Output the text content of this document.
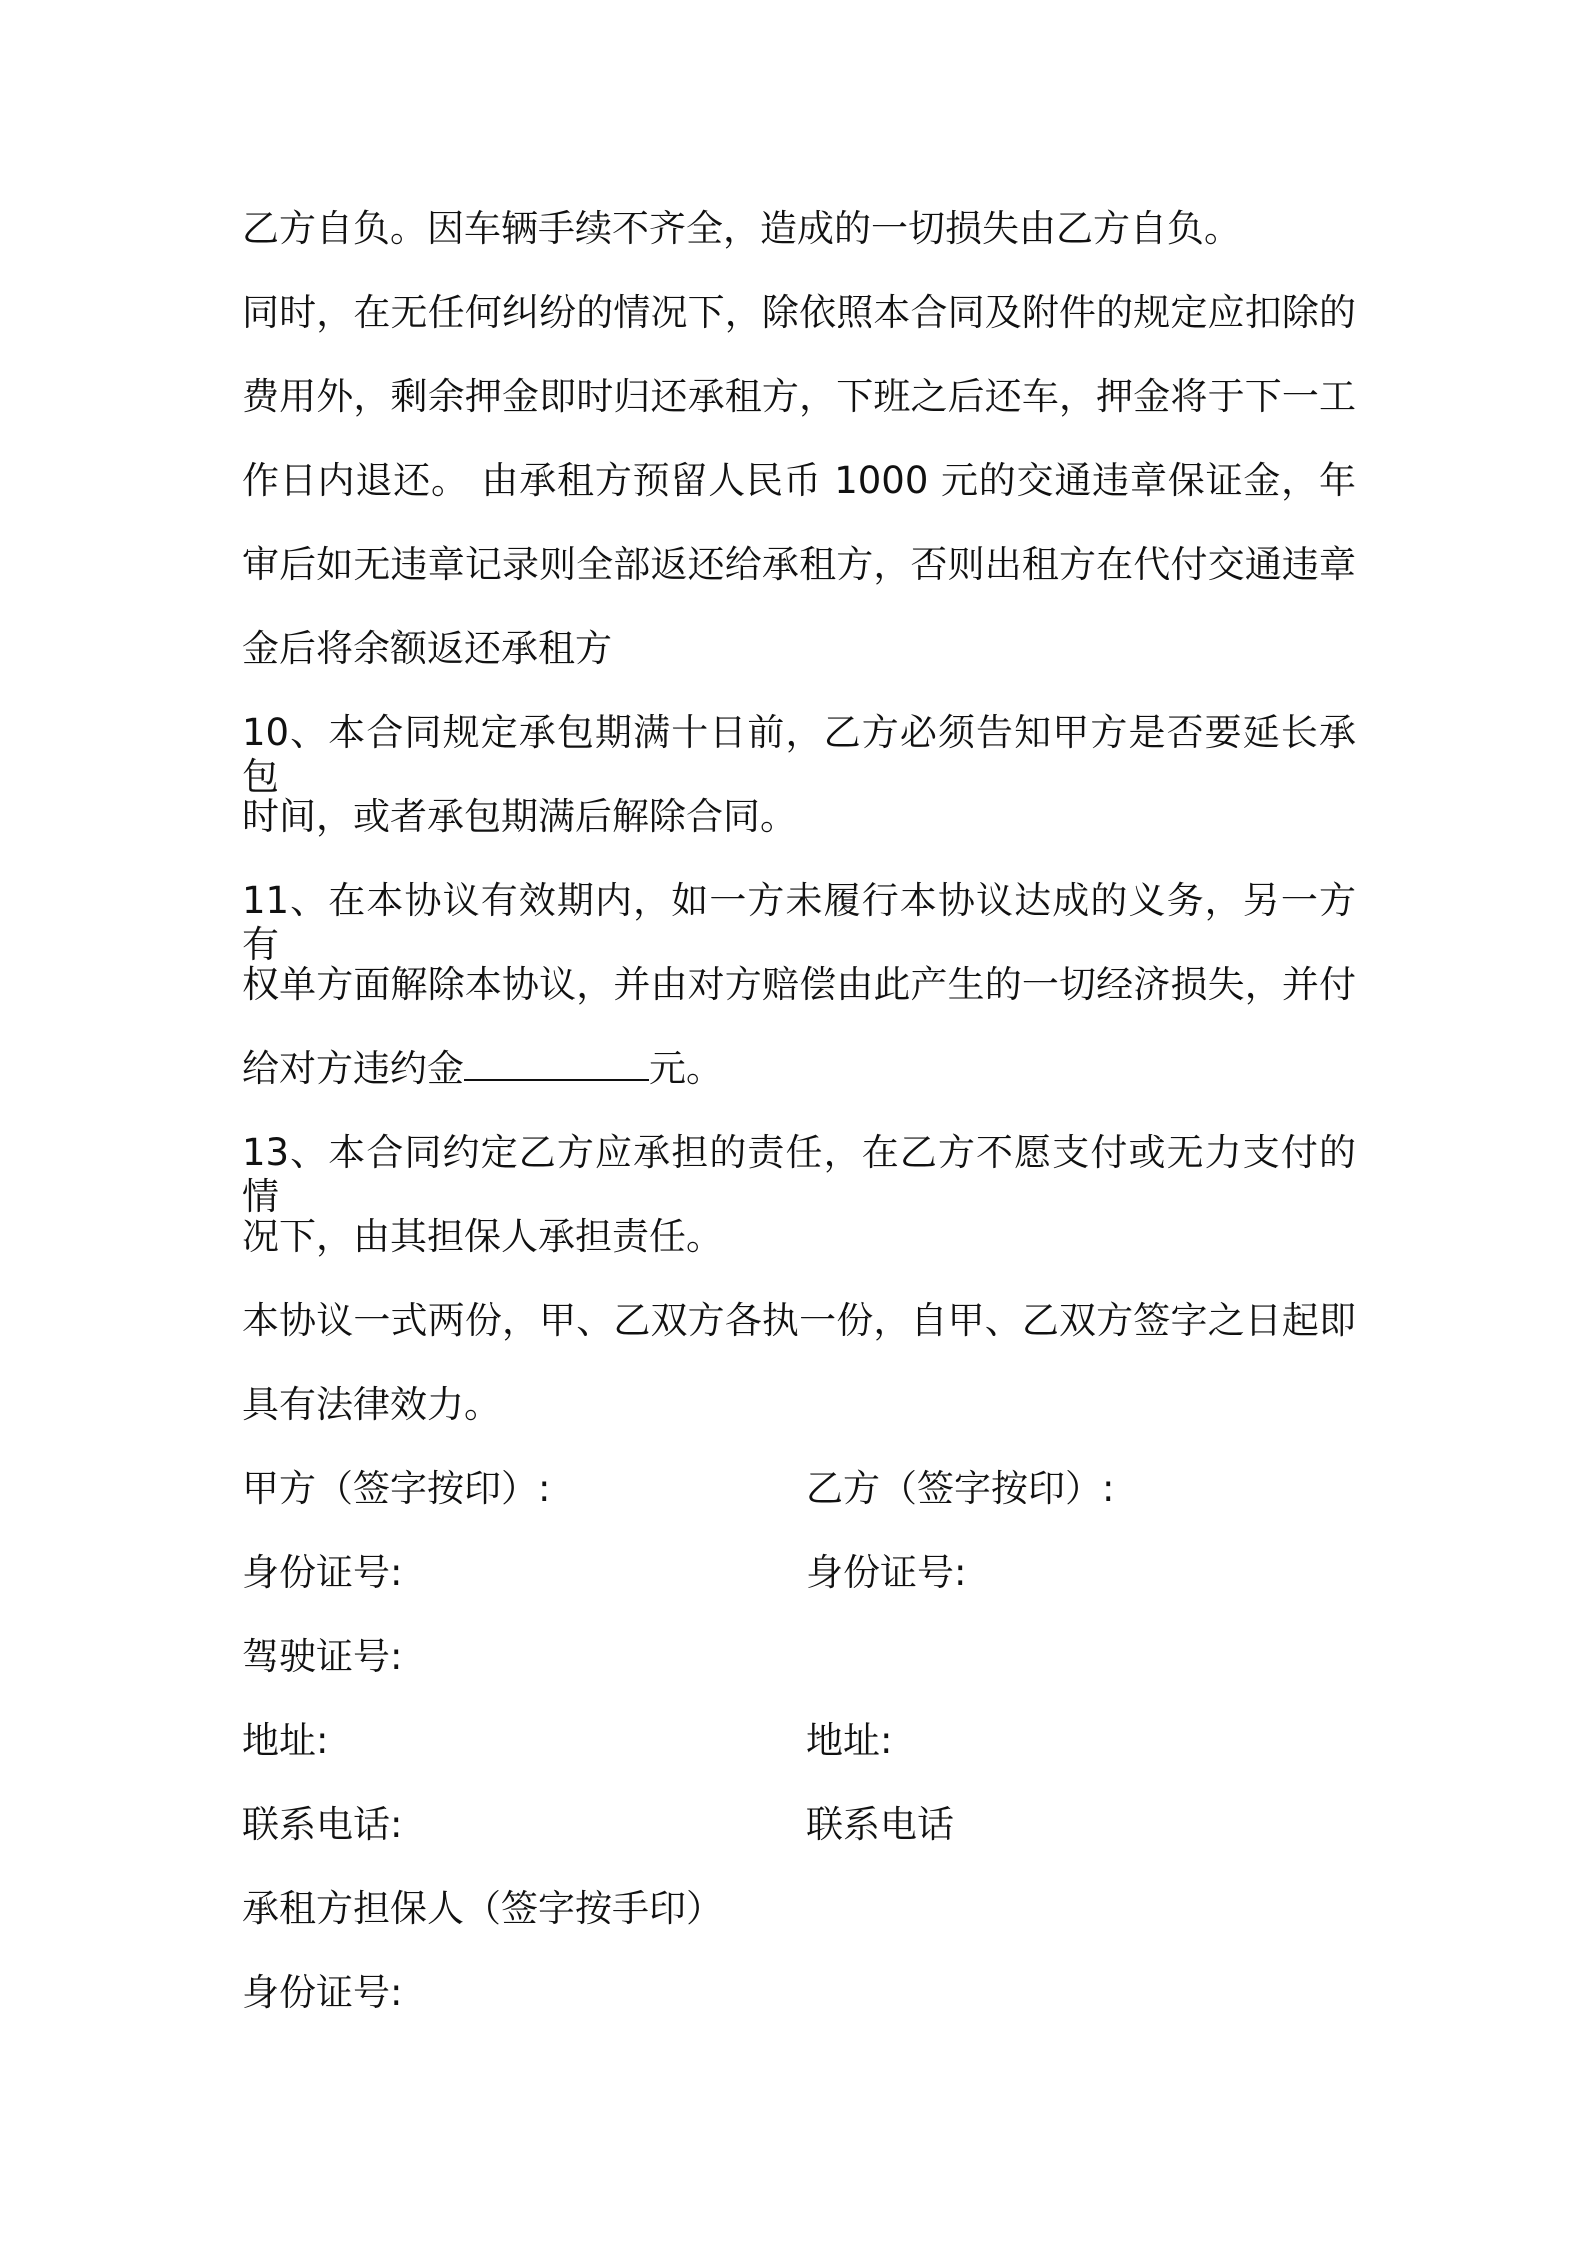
乙方自负。因车辆手续不齐全，造成的一切损失由乙方自负。
同时，在无任何纠纷的情况下，除依照本合同及附件的规定应扣除的
费用外，剩余押金即时归还承租方，下班之后还车，押金将于下一工
作日内退还。 由承租方预留人民币 1000 元的交通违章保证金，年
审后如无违章记录则全部返还给承租方，否则出租方在代付交通违章
金后将余额返还承租方
10、本合同规定承包期满十日前，乙方必须告知甲方是否要延长承包
时间，或者承包期满后解除合同。
11、在本协议有效期内，如一方未履行本协议达成的义务，另一方有
权单方面解除本协议，并由对方赔偿由此产生的一切经济损失，并付
给对方违约金	元。
13、本合同约定乙方应承担的责任，在乙方不愿支付或无力支付的情
况下，由其担保人承担责任。
本协议一式两份，甲、乙双方各执一份，自甲、乙双方签字之日起即
具有法律效力。
甲方（签字按印）:	乙方（签字按印）:
身份证号:	身份证号:
驾驶证号:
地址:	地址:
联系电话:	联系电话
承租方担保人（签字按手印）
身份证号:
